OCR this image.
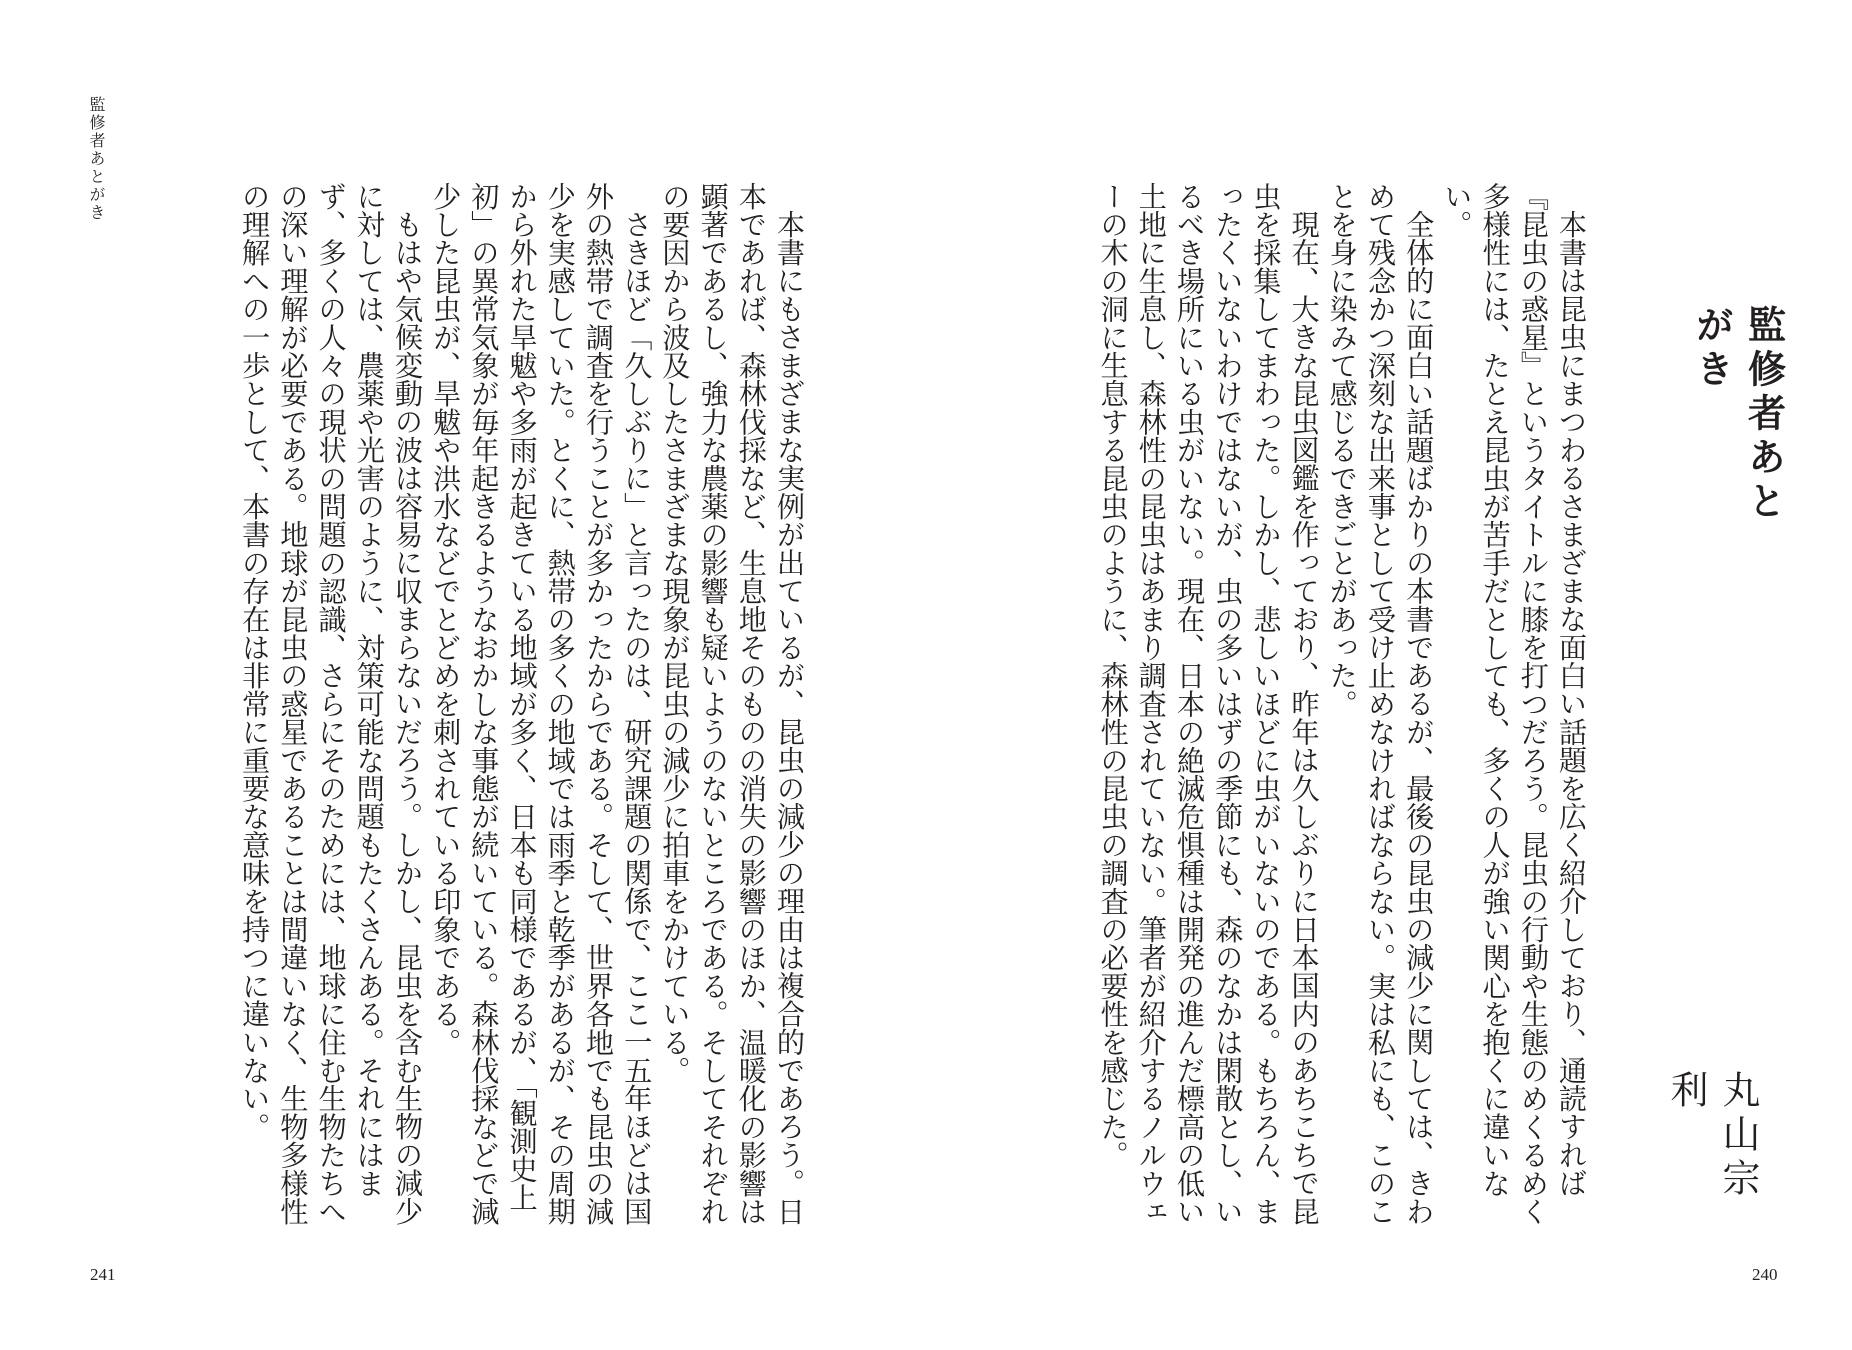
監修者あとがき
丸山宗利

本書は昆虫にまつわるさまざまな面白い話題を広く紹介しており、通読すれば『昆虫の惑星』というタイトルに膝を打つだろう。昆虫の行動や生態のめくるめく多様性には、たとえ昆虫が苦手だとしても、多くの人が強い関心を抱くに違いない。

全体的に面白い話題ばかりの本書であるが、最後の昆虫の減少に関しては、きわめて残念かつ深刻な出来事として受け止めなければならない。実は私にも、このことを身に染みて感じるできごとがあった。

現在、大きな昆虫図鑑を作っており、昨年は久しぶりに日本国内のあちこちで昆虫を採集してまわった。しかし、悲しいほどに虫がいないのである。もちろん、まったくいないわけではないが、虫の多いはずの季節にも、森のなかは閑散とし、いるべき場所にいる虫がいない。現在、日本の絶滅危惧種は開発の進んだ標高の低い土地に生息し、森林性の昆虫はあまり調査されていない。筆者が紹介するノルウェーの木の洞に生息する昆虫のように、森林性の昆虫の調査の必要性を感じた。

240
監修者あとがき

本書にもさまざまな実例が出ているが、昆虫の減少の理由は複合的であろう。日本であれば、森林伐採など、生息地そのものの消失の影響のほか、温暖化の影響は顕著であるし、強力な農薬の影響も疑いようのないところである。そしてそれぞれの要因から波及したさまざまな現象が昆虫の減少に拍車をかけている。

さきほど「久しぶりに」と言ったのは、研究課題の関係で、ここ一五年ほどは国外の熱帯で調査を行うことが多かったからである。そして、世界各地でも昆虫の減少を実感していた。とくに、熱帯の多くの地域では雨季と乾季があるが、その周期から外れた旱魃や多雨が起きている地域が多く、日本も同様であるが、「観測史上初」の異常気象が毎年起きるようなおかしな事態が続いている。森林伐採などで減少した昆虫が、旱魃や洪水などでとどめを刺されている印象である。

もはや気候変動の波は容易に収まらないだろう。しかし、昆虫を含む生物の減少に対しては、農薬や光害のように、対策可能な問題もたくさんある。それにはまず、多くの人々の現状の問題の認識、さらにそのためには、地球に住む生物たちへの深い理解が必要である。地球が昆虫の惑星であることは間違いなく、生物多様性の理解への一歩として、本書の存在は非常に重要な意味を持つに違いない。

241
